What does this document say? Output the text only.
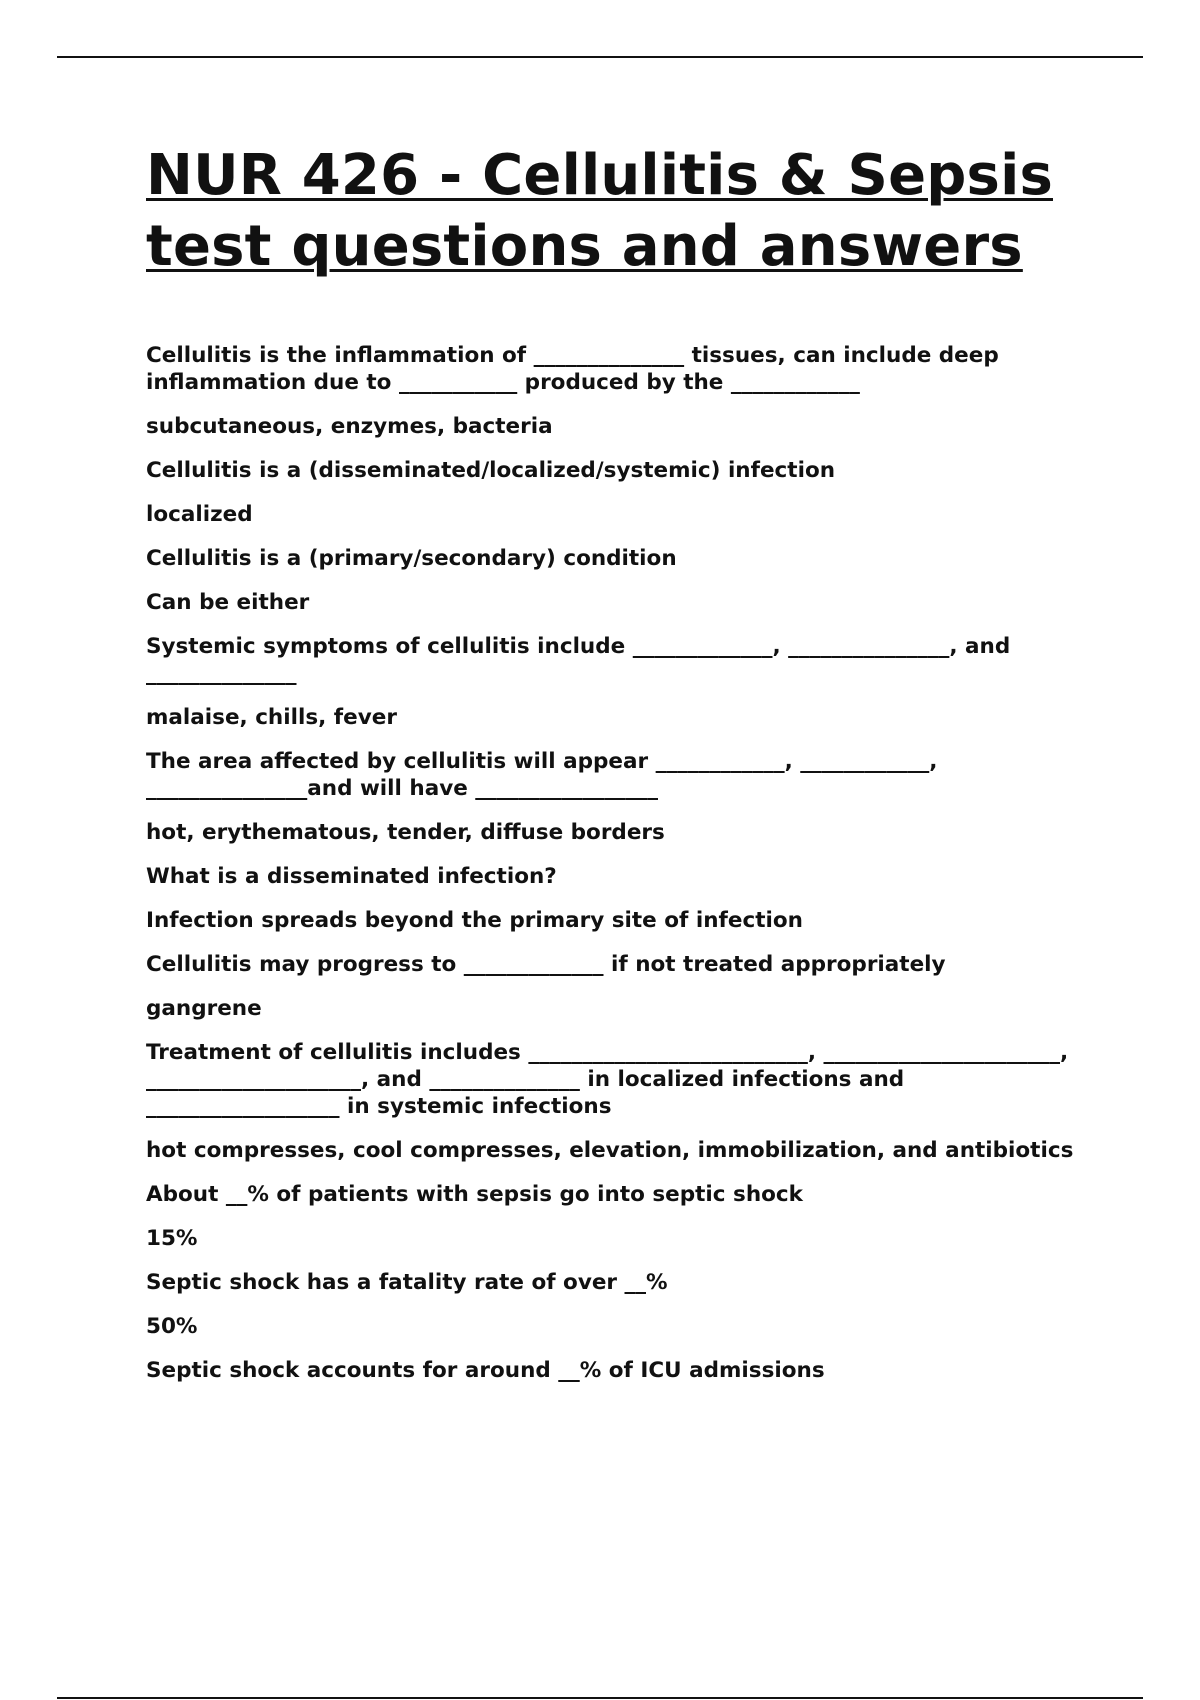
NUR 426 - Cellulitis & Sepsis test questions and answers

Cellulitis is the inflammation of ______________ tissues, can include deep inflammation due to ___________ produced by the ____________

subcutaneous, enzymes, bacteria

Cellulitis is a (disseminated/localized/systemic) infection

localized

Cellulitis is a (primary/secondary) condition

Can be either

Systemic symptoms of cellulitis include _____________, _______________, and ______________

malaise, chills, fever

The area affected by cellulitis will appear ____________, ____________, _______________and will have _________________

hot, erythematous, tender, diffuse borders

What is a disseminated infection?

Infection spreads beyond the primary site of infection

Cellulitis may progress to _____________ if not treated appropriately

gangrene

Treatment of cellulitis includes __________________________, ______________________, ____________________, and ______________ in localized infections and __________________ in systemic infections

hot compresses, cool compresses, elevation, immobilization, and antibiotics

About __% of patients with sepsis go into septic shock

15%

Septic shock has a fatality rate of over __%

50%

Septic shock accounts for around __% of ICU admissions
